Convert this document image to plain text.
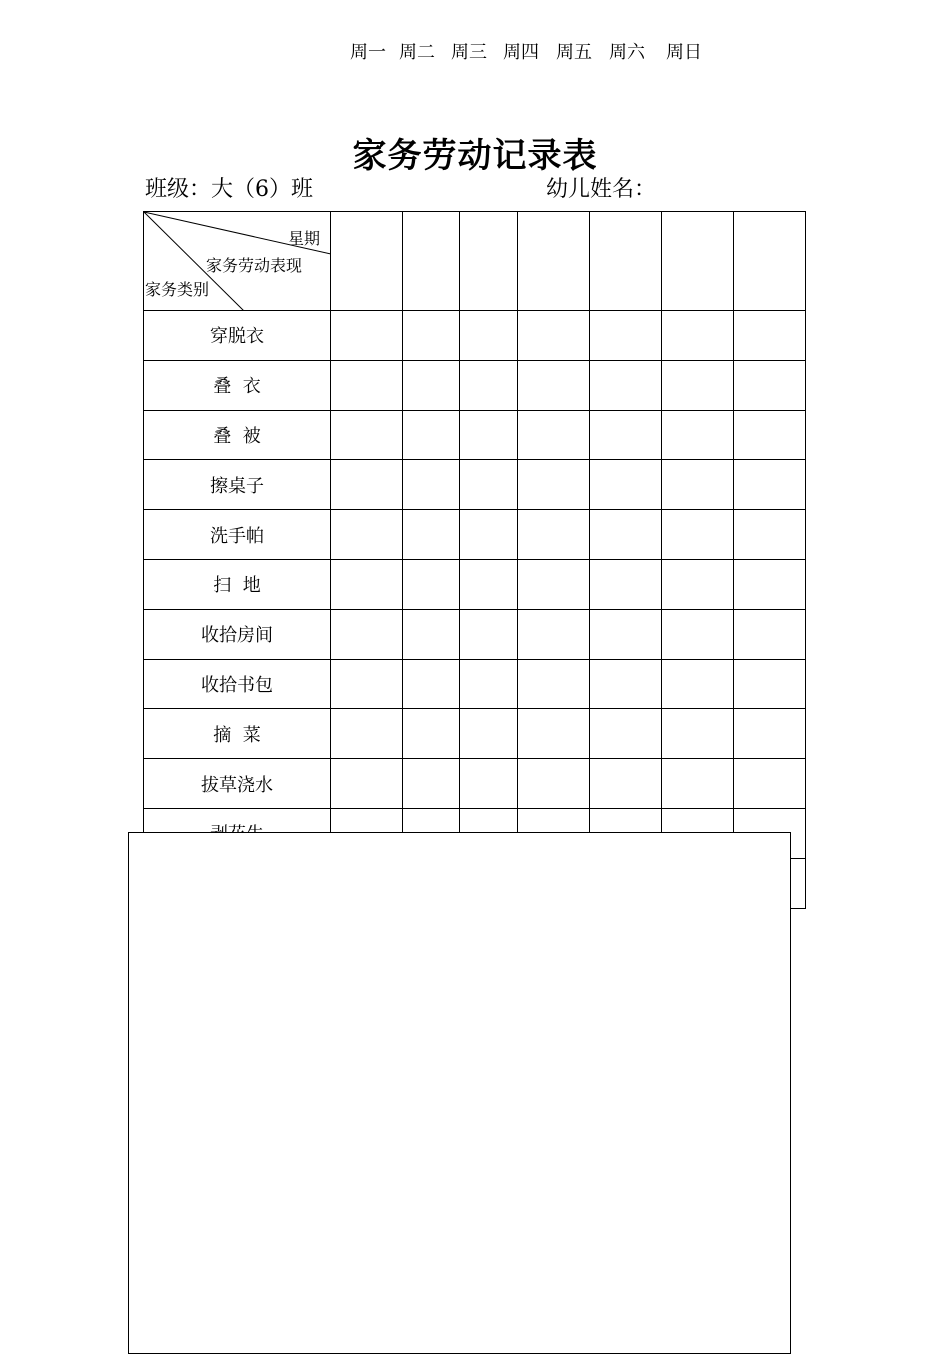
家务劳动记录表
班级：大（6）班	幼儿姓名：
周一 周二 周三 周四 周五 周六 周日
星期
家务劳动表现
家务类别							

穿脱衣							
叠  衣							
叠  被							
擦桌子							
洗手帕							
扫  地							
收拾房间							
收拾书包							
摘  菜							
拔草浇水							
